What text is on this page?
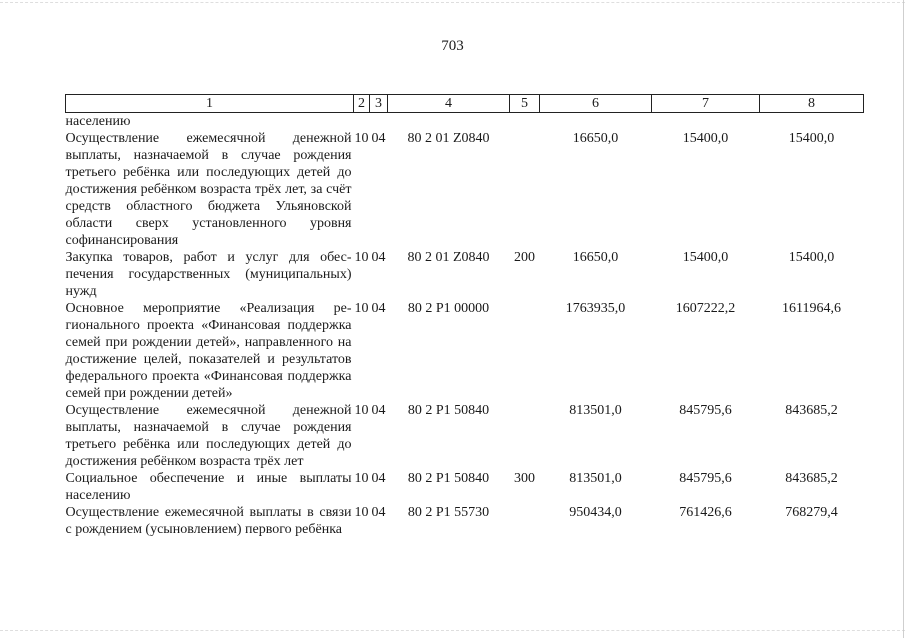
703
1	2	3	4	5	6	7	8
населению							
Осуществление ежемесячной денежной выплаты, назначаемой в случае рождения третьего ребёнка или последующих детей до достижения ребёнком возраста трёх лет, за счёт средств областного бюджета Ульяновской области сверх установленного уровня софинансирования	10	04	80 2 01 Z0840		16650,0	15400,0	15400,0
Закупка товаров, работ и услуг для обеспечения государственных (муниципальных) нужд	10	04	80 2 01 Z0840	200	16650,0	15400,0	15400,0
Основное мероприятие «Реализация регионального проекта «Финансовая поддержка семей при рождении детей», направленного на достижение целей, показателей и результатов федерального проекта «Финансовая поддержка семей при рождении детей»	10	04	80 2 P1 00000		1763935,0	1607222,2	1611964,6
Осуществление ежемесячной денежной выплаты, назначаемой в случае рождения третьего ребёнка или последующих детей до достижения ребёнком возраста трёх лет	10	04	80 2 P1 50840		813501,0	845795,6	843685,2
Социальное обеспечение и иные выплаты населению	10	04	80 2 P1 50840	300	813501,0	845795,6	843685,2
Осуществление ежемесячной выплаты в связи с рождением (усыновлением) первого ребёнка	10	04	80 2 P1 55730		950434,0	761426,6	768279,4
